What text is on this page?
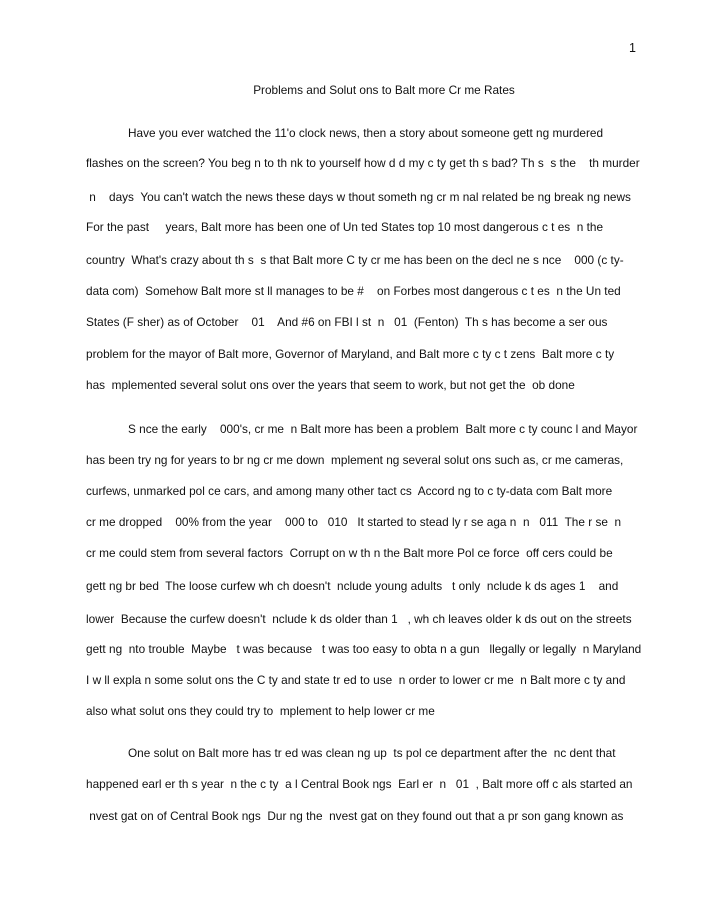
1
Problems and Solut ons to Balt more Cr me Rates
Have you ever watched the 11'o clock news, then a story about someone gett ng murdered
flashes on the screen? You beg n to th nk to yourself how d d my c ty get th s bad? Th s  s the    th murder
n    days  You can't watch the news these days w thout someth ng cr m nal related be ng break ng news
For the past     years, Balt more has been one of Un ted States top 10 most dangerous c t es  n the
country  What's crazy about th s  s that Balt more C ty cr me has been on the decl ne s nce    000 (c ty-
data com)  Somehow Balt more st ll manages to be #    on Forbes most dangerous c t es  n the Un ted
States (F sher) as of October    01    And #6 on FBI l st  n   01  (Fenton)  Th s has become a ser ous
problem for the mayor of Balt more, Governor of Maryland, and Balt more c ty c t zens  Balt more c ty
has  mplemented several solut ons over the years that seem to work, but not get the  ob done
S nce the early    000's, cr me  n Balt more has been a problem  Balt more c ty counc l and Mayor
has been try ng for years to br ng cr me down  mplement ng several solut ons such as, cr me cameras,
curfews, unmarked pol ce cars, and among many other tact cs  Accord ng to c ty-data com Balt more
cr me dropped    00% from the year    000 to   010   It started to stead ly r se aga n  n   011  The r se  n
cr me could stem from several factors  Corrupt on w th n the Balt more Pol ce force  off cers could be
gett ng br bed  The loose curfew wh ch doesn't  nclude young adults   t only  nclude k ds ages 1    and
lower  Because the curfew doesn't  nclude k ds older than 1   , wh ch leaves older k ds out on the streets
gett ng  nto trouble  Maybe   t was because   t was too easy to obta n a gun   llegally or legally  n Maryland
I w ll expla n some solut ons the C ty and state tr ed to use  n order to lower cr me  n Balt more c ty and
also what solut ons they could try to  mplement to help lower cr me
One solut on Balt more has tr ed was clean ng up  ts pol ce department after the  nc dent that
happened earl er th s year  n the c ty  a l Central Book ngs  Earl er  n   01  , Balt more off c als started an
nvest gat on of Central Book ngs  Dur ng the  nvest gat on they found out that a pr son gang known as
